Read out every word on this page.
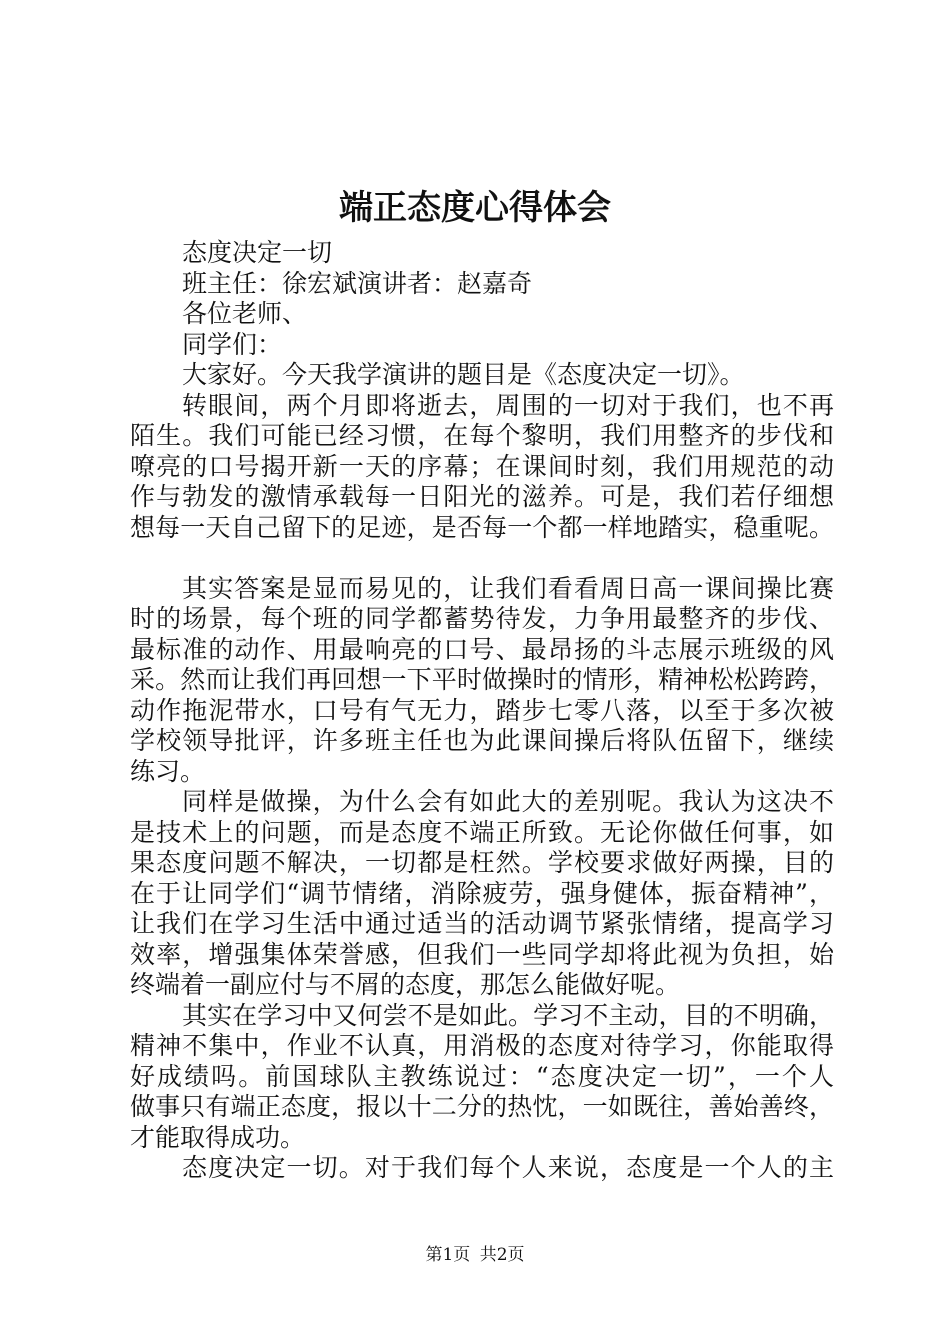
端正态度心得体会
态度决定一切
班主任：徐宏斌演讲者：赵嘉奇
各位老师、
同学们：
大家好。今天我学演讲的题目是《态度决定一切》。
转眼间，两个月即将逝去，周围的一切对于我们，也不再
陌生。我们可能已经习惯，在每个黎明，我们用整齐的步伐和
嘹亮的口号揭开新一天的序幕；在课间时刻，我们用规范的动
作与勃发的激情承载每一日阳光的滋养。可是，我们若仔细想
想每一天自己留下的足迹，是否每一个都一样地踏实，稳重呢。
其实答案是显而易见的，让我们看看周日高一课间操比赛
时的场景，每个班的同学都蓄势待发，力争用最整齐的步伐、
最标准的动作、用最响亮的口号、最昂扬的斗志展示班级的风
采。然而让我们再回想一下平时做操时的情形，精神松松跨跨，
动作拖泥带水，口号有气无力，踏步七零八落，以至于多次被
学校领导批评，许多班主任也为此课间操后将队伍留下，继续
练习。
同样是做操，为什么会有如此大的差别呢。我认为这决不
是技术上的问题，而是态度不端正所致。无论你做任何事，如
果态度问题不解决，一切都是枉然。学校要求做好两操，目的
在于让同学们“调节情绪，消除疲劳，强身健体，振奋精神”，
让我们在学习生活中通过适当的活动调节紧张情绪，提高学习
效率，增强集体荣誉感，但我们一些同学却将此视为负担，始
终端着一副应付与不屑的态度，那怎么能做好呢。
其实在学习中又何尝不是如此。学习不主动，目的不明确，
精神不集中，作业不认真，用消极的态度对待学习，你能取得
好成绩吗。前国球队主教练说过：“态度决定一切”，一个人
做事只有端正态度，报以十二分的热忱，一如既往，善始善终，
才能取得成功。
态度决定一切。对于我们每个人来说，态度是一个人的主
第1页 共2页
